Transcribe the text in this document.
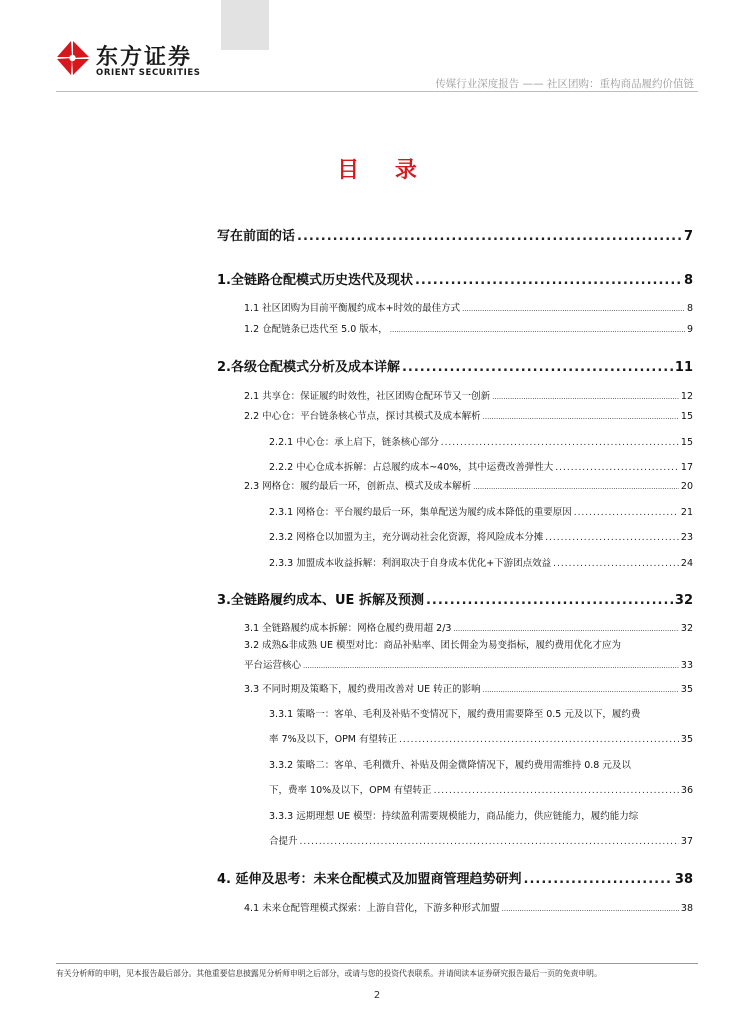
东方证券
ORIENT SECURITIES
传媒行业深度报告 —— 社区团购：重构商品履约价值链
目 录
写在前面的话 .....	7
1.全链路仓配模式历史迭代及现状 .....	8
1.1 社区团购为目前平衡履约成本+时效的最佳方式 .....	8
1.2 仓配链条已迭代至 5.0 版本， .....	9
2.各级仓配模式分析及成本详解 .....	11
2.1 共享仓：保证履约时效性，社区团购仓配环节又一创新 .....	12
2.2 中心仓：平台链条核心节点，探讨其模式及成本解析 .....	15
2.2.1 中心仓：承上启下，链条核心部分 .....	15
2.2.2 中心仓成本拆解：占总履约成本~40%，其中运费改善弹性大 .....	17
2.3 网格仓：履约最后一环，创新点、模式及成本解析 .....	20
2.3.1 网格仓：平台履约最后一环，集单配送为履约成本降低的重要原因 .....	21
2.3.2 网格仓以加盟为主，充分调动社会化资源，将风险成本分摊 .....	23
2.3.3 加盟成本收益拆解：利润取决于自身成本优化+下游团点效益 .....	24
3.全链路履约成本、UE 拆解及预测 .....	32
3.1 全链路履约成本拆解：网格仓履约费用超 2/3 .....	32
3.2 成熟&非成熟 UE 模型对比：商品补贴率、团长佣金为易变指标，履约费用优化才应为
平台运营核心 .....	33
3.3 不同时期及策略下，履约费用改善对 UE 转正的影响 .....	35
3.3.1 策略一：客单、毛利及补贴不变情况下，履约费用需要降至 0.5 元及以下，履约费
率 7%及以下，OPM 有望转正 .....	35
3.3.2 策略二：客单、毛利微升、补贴及佣金微降情况下，履约费用需维持 0.8 元及以
下，费率 10%及以下，OPM 有望转正 .....	36
3.3.3 远期理想 UE 模型：持续盈利需要规模能力，商品能力，供应链能力，履约能力综
合提升 .....	37
4. 延伸及思考：未来仓配模式及加盟商管理趋势研判 .....	38
4.1 未来仓配管理模式探索：上游自营化，下游多种形式加盟 .....	38
有关分析师的申明，见本报告最后部分。其他重要信息披露见分析师申明之后部分，或请与您的投资代表联系。并请阅读本证券研究报告最后一页的免责申明。
2
